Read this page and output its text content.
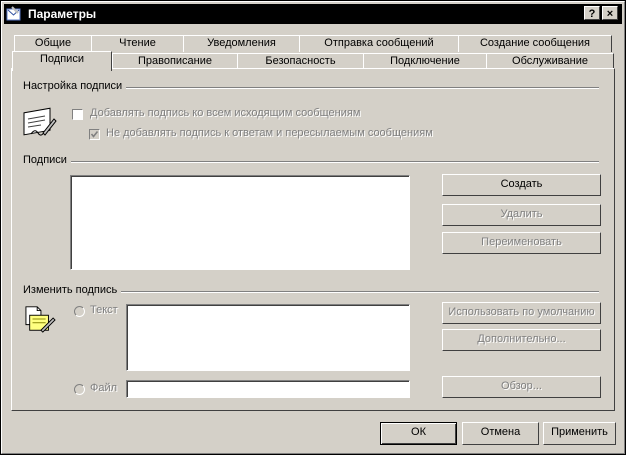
Параметры	?	×
Общие	Чтение	Уведомления	Отправка сообщений	Создание сообщения
Подписи	Правописание	Безопасность	Подключение	Обслуживание
Настройка подписи
Добавлять подпись ко всем исходящим сообщениям
Не добавлять подпись к ответам и пересылаемым сообщениям
Подписи
Создать
Удалить
Переименовать
Изменить подпись
Текст
Файл
Использовать по умолчанию
Дополнительно...
Обзор...
ОК	Отмена	Применить
